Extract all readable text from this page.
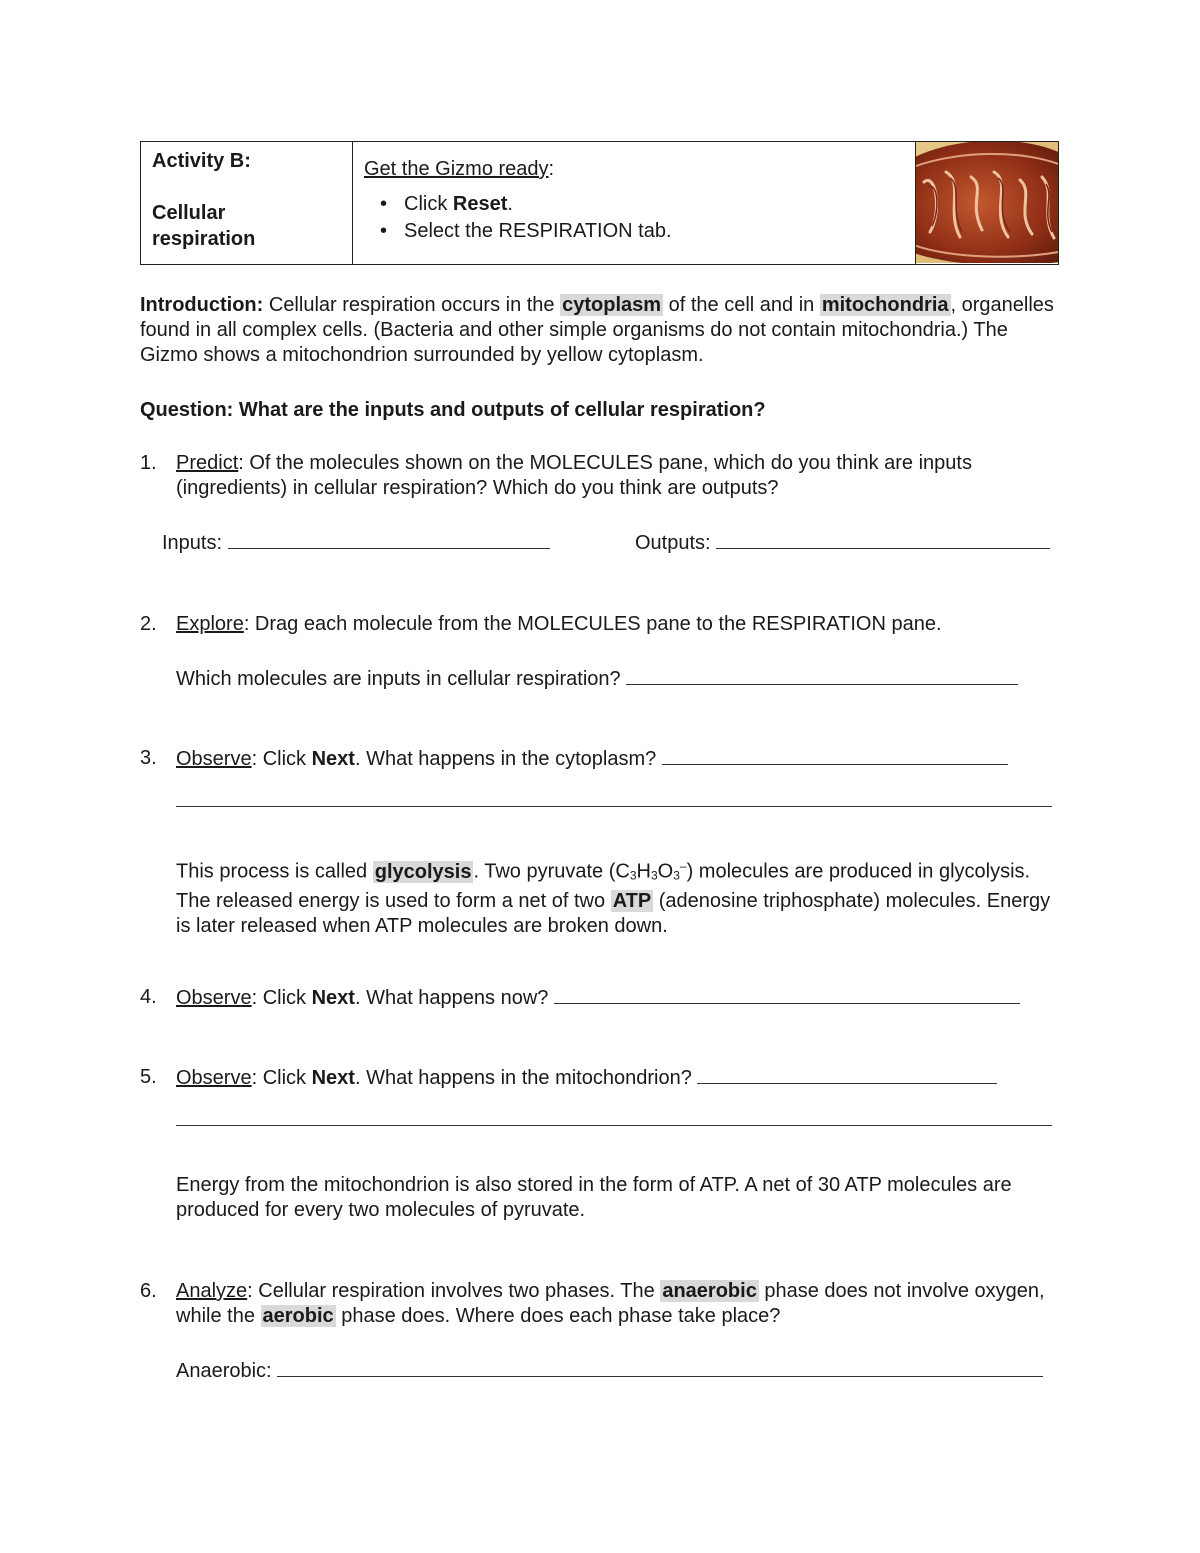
Activity B:
Cellular
respiration
Get the Gizmo ready:
• Click Reset.
• Select the RESPIRATION tab.
Introduction: Cellular respiration occurs in the cytoplasm of the cell and in mitochondria , organelles found in all complex cells. (Bacteria and other simple organisms do not contain mitochondria.) The Gizmo shows a mitochondrion surrounded by yellow cytoplasm.
Question: What are the inputs and outputs of cellular respiration?
1. Predict: Of the molecules shown on the MOLECULES pane, which do you think are inputs (ingredients) in cellular respiration? Which do you think are outputs?
Inputs:	Outputs:
2. Explore: Drag each molecule from the MOLECULES pane to the RESPIRATION pane.
Which molecules are inputs in cellular respiration?
3. Observe: Click Next. What happens in the cytoplasm?
This process is called glycolysis . Two pyruvate $(C_3H_3O_3^-)$ molecules are produced in glycolysis. The released energy is used to form a net of two ATP (adenosine triphosphate) molecules. Energy is later released when ATP molecules are broken down.
4. Observe: Click Next. What happens now?
5. Observe: Click Next. What happens in the mitochondrion?
Energy from the mitochondrion is also stored in the form of ATP. A net of 30 ATP molecules are produced for every two molecules of pyruvate.
6. Analyze: Cellular respiration involves two phases. The anaerobic phase does not involve oxygen, while the aerobic phase does. Where does each phase take place?
Anaerobic:
